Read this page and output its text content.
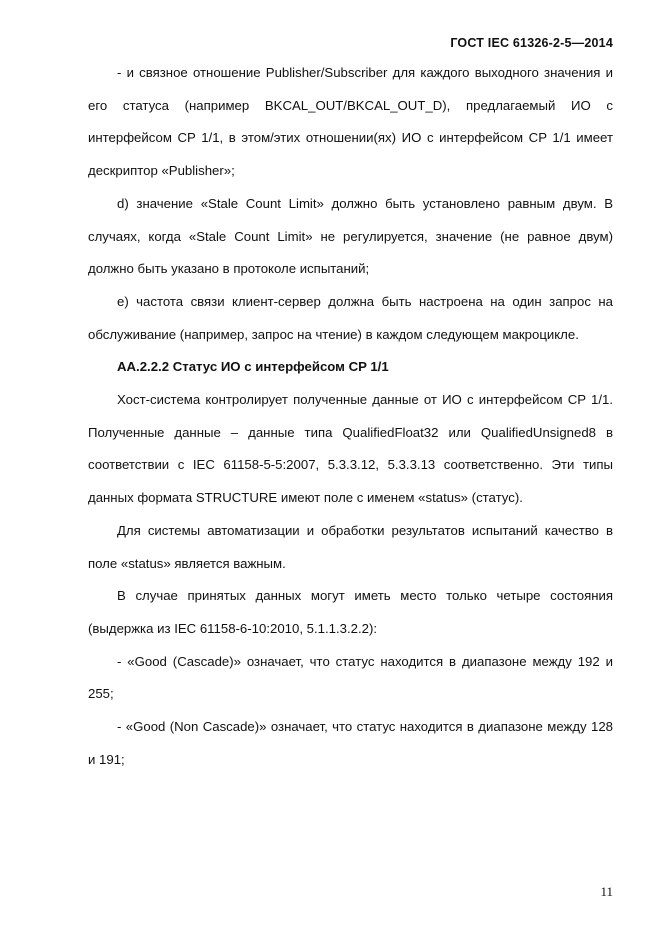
ГОСТ IEC 61326-2-5—2014

- и связное отношение Publisher/Subscriber для каждого выходного значения и его статуса (например BKCAL_OUT/BKCAL_OUT_D), предлагаемый ИО с интерфейсом CP 1/1, в этом/этих отношении(ях) ИО с интерфейсом CP 1/1 имеет дескриптор «Publisher»;

d) значение «Stale Count Limit» должно быть установлено равным двум. В случаях, когда «Stale Count Limit» не регулируется, значение (не равное двум) должно быть указано в протоколе испытаний;

e) частота связи клиент-сервер должна быть настроена на один запрос на обслуживание (например, запрос на чтение) в каждом следующем макроцикле.

АА.2.2.2 Статус ИО с интерфейсом CP 1/1

Хост-система контролирует полученные данные от ИО с интерфейсом CP 1/1. Полученные данные – данные типа QualifiedFloat32 или QualifiedUnsigned8 в соответствии с IEC 61158-5-5:2007, 5.3.3.12, 5.3.3.13 соответственно. Эти типы данных формата STRUCTURE имеют поле с именем «status» (статус).

Для системы автоматизации и обработки результатов испытаний качество в поле «status» является важным.

В случае принятых данных могут иметь место только четыре состояния (выдержка из IEC 61158-6-10:2010, 5.1.1.3.2.2):

- «Good (Cascade)» означает, что статус находится в диапазоне между 192 и 255;

- «Good (Non Cascade)» означает, что статус находится в диапазоне между 128 и 191;

11
